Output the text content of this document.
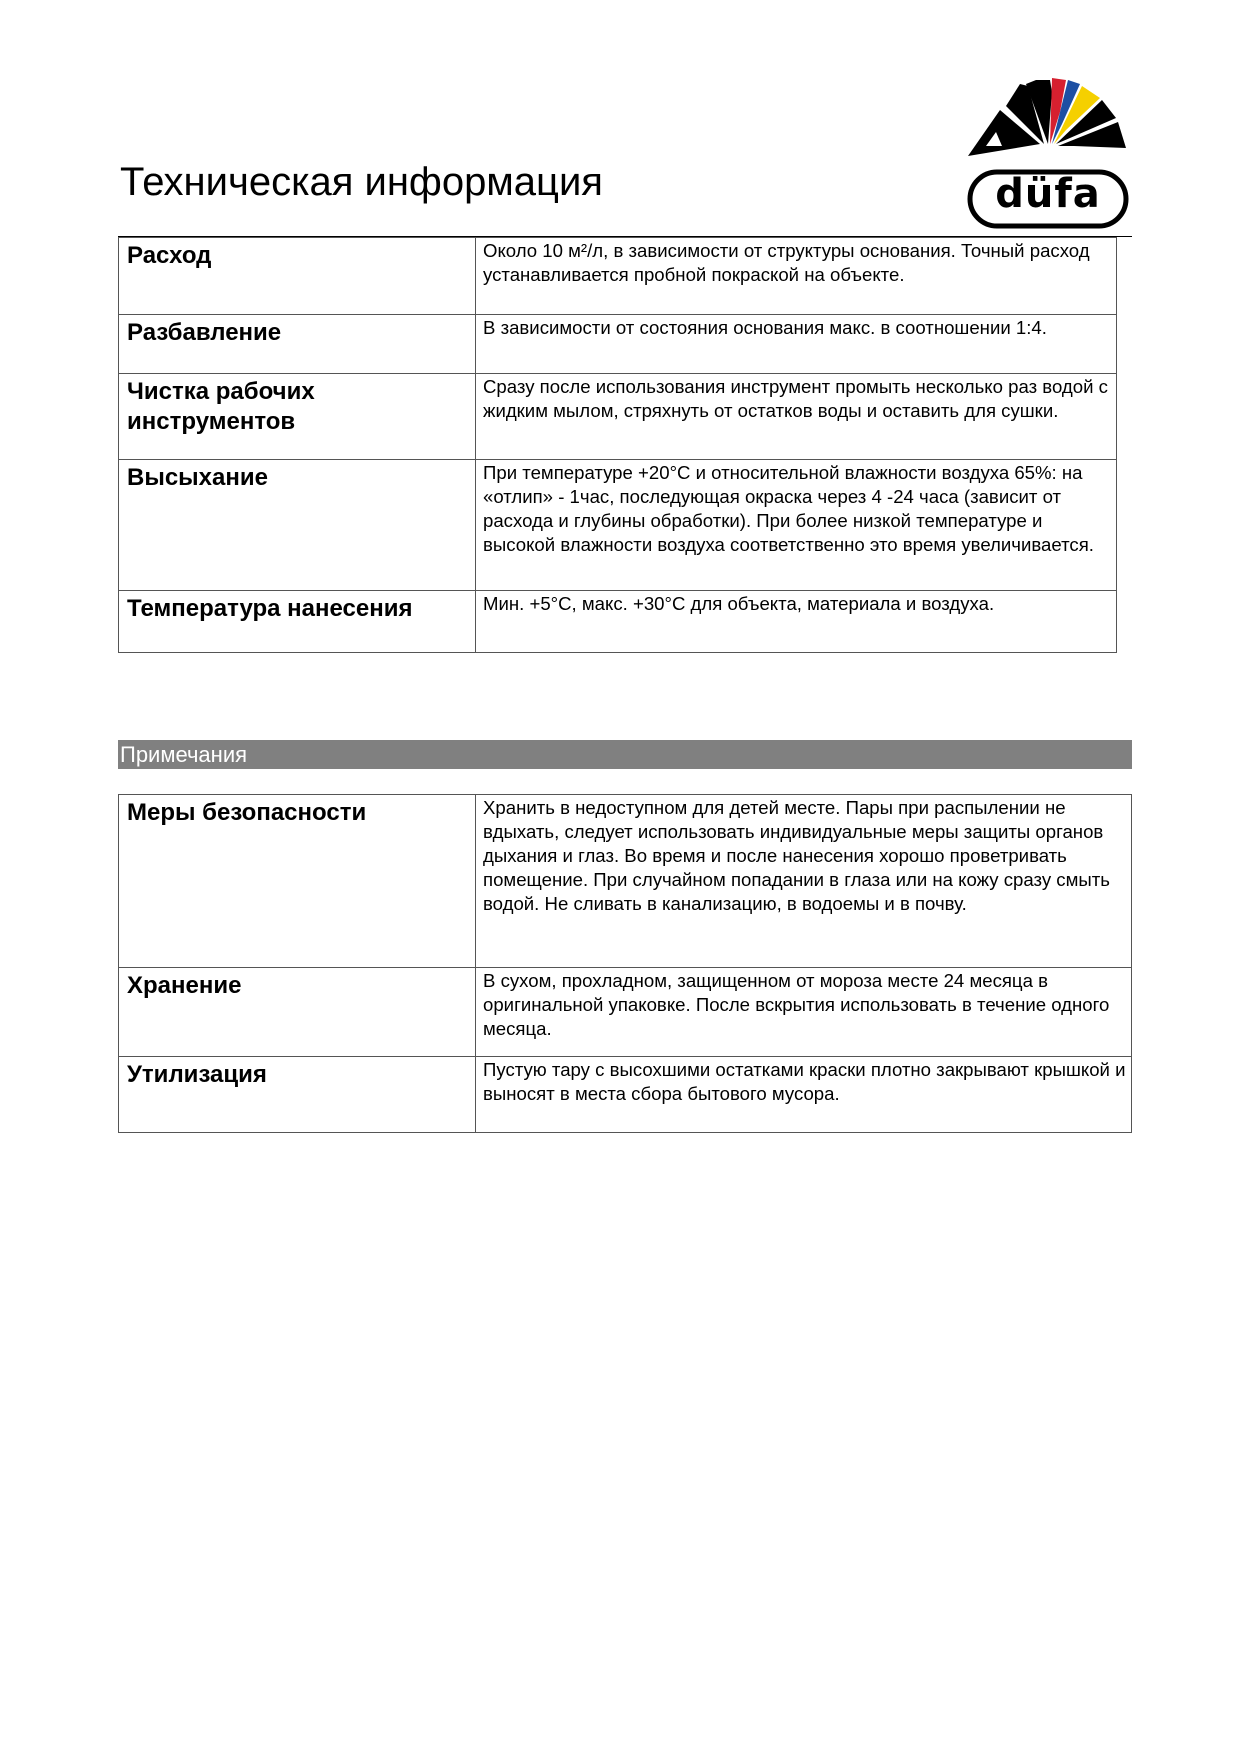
Техническая информация	düfa
Расход	Около 10 м²/л, в зависимости от структуры основания. Точный расход устанавливается пробной покраской на объекте.
Разбавление	В зависимости от состояния основания макс. в соотношении 1:4.
Чистка рабочих инструментов	Сразу после использования инструмент промыть несколько раз водой с жидким мылом, стряхнуть от остатков воды и оставить для сушки.
Высыхание	При температуре +20°C и относительной влажности воздуха 65%: на «отлип» - 1час, последующая окраска через 4 -24 часа (зависит от расхода и глубины обработки). При более низкой температуре и высокой влажности воздуха соответственно это время увеличивается.
Температура нанесения	Мин. +5°C, макс. +30°C для объекта, материала и воздуха.
Примечания
Меры безопасности	Хранить в недоступном для детей месте. Пары при распылении не вдыхать, следует использовать индивидуальные меры защиты органов дыхания и глаз. Во время и после нанесения хорошо проветривать помещение. При случайном попадании в глаза или на кожу сразу смыть водой. Не сливать в канализацию, в водоемы и в почву.
Хранение	В сухом, прохладном, защищенном от мороза месте 24 месяца в оригинальной упаковке. После вскрытия использовать в течение одного месяца.
Утилизация	Пустую тару с высохшими остатками краски плотно закрывают крышкой и выносят в места сбора бытового мусора.
